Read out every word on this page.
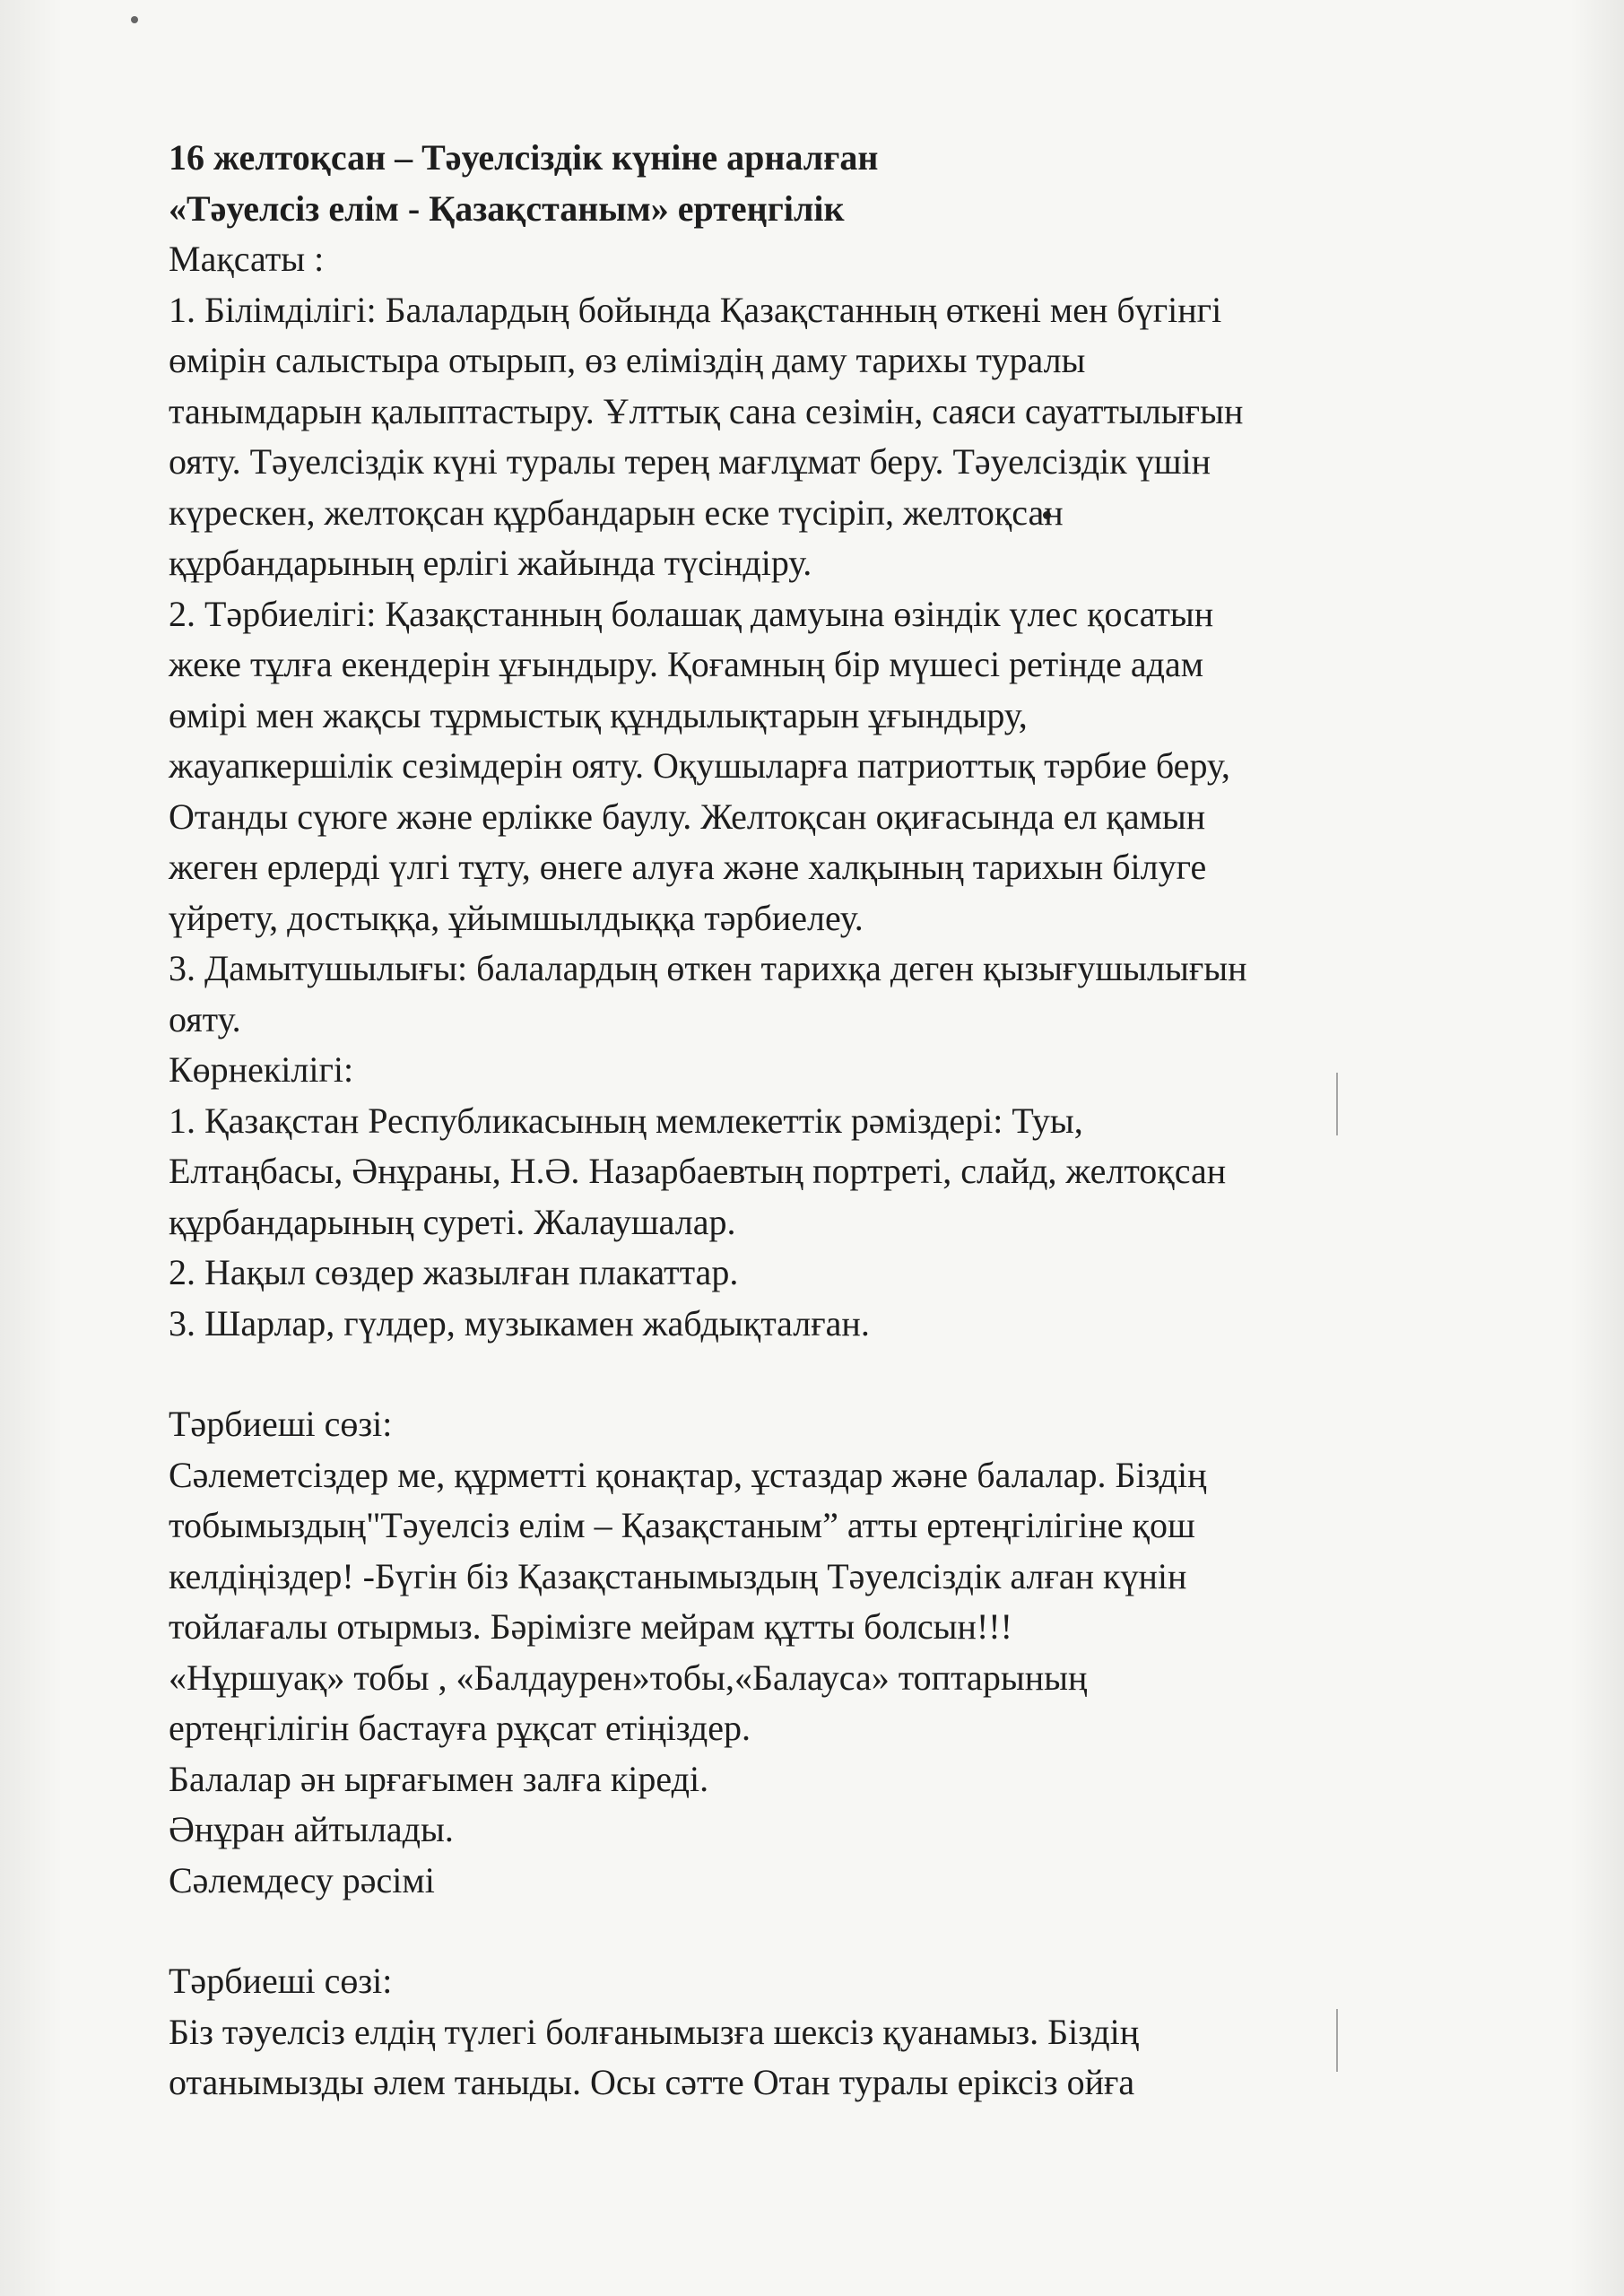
16 желтоқсан – Тәуелсіздік күніне арналған

«Тәуелсіз елім - Қазақстаным» ертеңгілік

Мақсаты :

1. Білімділігі: Балалардың бойында Қазақстанның өткені мен бүгінгі

өмірін салыстыра отырып, өз еліміздің даму тарихы туралы

танымдарын қалыптастыру. Ұлттық сана сезімін, саяси сауаттылығын

ояту. Тәуелсіздік күні туралы терең мағлұмат беру. Тәуелсіздік үшін

күрескен, желтоқсан құрбандарын еске түсіріп, желтоқсан

құрбандарының ерлігі жайында түсіндіру.

2. Тәрбиелігі: Қазақстанның болашақ дамуына өзіндік үлес қосатын

жеке тұлға екендерін ұғындыру. Қоғамның бір мүшесі ретінде адам

өмірі мен жақсы тұрмыстық құндылықтарын ұғындыру,

жауапкершілік сезімдерін ояту. Оқушыларға патриоттық тәрбие беру,

Отанды сүюге және ерлікке баулу. Желтоқсан оқиғасында ел қамын

жеген ерлерді үлгі тұту, өнеге алуға және халқының тарихын білуге

үйрету, достыққа, ұйымшылдыққа тәрбиелеу.

3. Дамытушылығы: балалардың өткен тарихқа деген қызығушылығын

ояту.

Көрнекілігі:

1. Қазақстан Республикасының мемлекеттік рәміздері: Туы,

Елтаңбасы, Әнұраны, Н.Ә. Назарбаевтың портреті, слайд, желтоқсан

құрбандарының суреті. Жалаушалар.

2. Нақыл сөздер жазылған плакаттар.

3. Шарлар, гүлдер, музыкамен жабдықталған.

Тәрбиеші сөзі:

Сәлеметсіздер ме, құрметті қонақтар, ұстаздар және балалар. Біздің

тобымыздың"Тәуелсіз елім – Қазақстаным” атты ертеңгілігіне қош

келдіңіздер! -Бүгін біз Қазақстанымыздың Тәуелсіздік алған күнін

тойлағалы отырмыз. Бәрімізге мейрам құтты болсын!!!

«Нұршуақ» тобы , «Балдаурен»тобы,«Балауса» топтарының

ертеңгілігін бастауға рұқсат етіңіздер.

Балалар ән ырғағымен залға кіреді.

Әнұран айтылады.

Сәлемдесу рәсімі

Тәрбиеші сөзі:

Біз тәуелсіз елдің түлегі болғанымызға шексіз қуанамыз. Біздің

отанымызды әлем таныды. Осы сәтте Отан туралы еріксіз ойға
